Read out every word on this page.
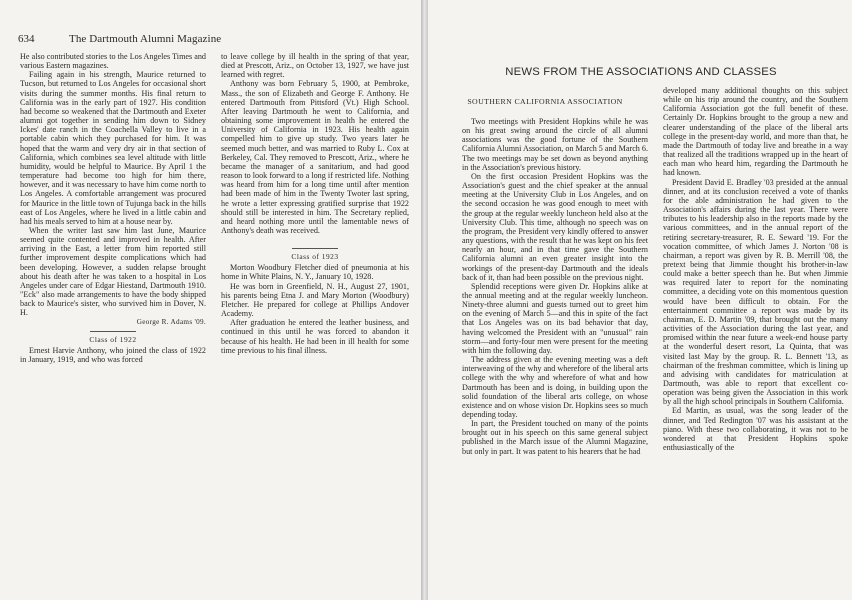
634	The Dartmouth Alumni Magazine

He also contributed stories to the Los Angeles Times and various Eastern magazines.

Failing again in his strength, Maurice returned to Tucson, but returned to Los Angeles for occasional short visits during the summer months. His final return to California was in the early part of 1927. His condition had become so weakened that the Dartmouth and Exeter alumni got together in sending him down to Sidney Ickes' date ranch in the Coachella Valley to live in a portable cabin which they purchased for him. It was hoped that the warm and very dry air in that section of California, which combines sea level altitude with little humidity, would be helpful to Maurice. By April 1 the temperature had become too high for him there, however, and it was necessary to have him come north to Los Angeles. A comfortable arrangement was procured for Maurice in the little town of Tujunga back in the hills east of Los Angeles, where he lived in a little cabin and had his meals served to him at a house near by.

When the writer last saw him last June, Maurice seemed quite contented and improved in health. After arriving in the East, a letter from him reported still further improvement despite complications which had been developing. However, a sudden relapse brought about his death after he was taken to a hospital in Los Angeles under care of Edgar Hiestand, Dartmouth 1910. "Eck" also made arrangements to have the body shipped back to Maurice's sister, who survived him in Dover, N. H.

George R. Adams '09.

Class of 1922

Ernest Harvie Anthony, who joined the class of 1922 in January, 1919, and who was forced

to leave college by ill health in the spring of that year, died at Prescott, Ariz., on October 13, 1927, we have just learned with regret.

Anthony was born February 5, 1900, at Pembroke, Mass., the son of Elizabeth and George F. Anthony. He entered Dartmouth from Pittsford (Vt.) High School. After leaving Dartmouth he went to California, and obtaining some improvement in health he entered the University of California in 1923. His health again compelled him to give up study. Two years later he seemed much better, and was married to Ruby L. Cox at Berkeley, Cal. They removed to Prescott, Ariz., where he became the manager of a sanitarium, and had good reason to look forward to a long if restricted life. Nothing was heard from him for a long time until after mention had been made of him in the Twenty Twoter last spring, he wrote a letter expressing gratified surprise that 1922 should still be interested in him. The Secretary replied, and heard nothing more until the lamentable news of Anthony's death was received.

Class of 1923

Morton Woodbury Fletcher died of pneumonia at his home in White Plains, N. Y., January 10, 1928.

He was born in Greenfield, N. H., August 27, 1901, his parents being Etna J. and Mary Morton (Woodbury) Fletcher. He prepared for college at Phillips Andover Academy.

After graduation he entered the leather business, and continued in this until he was forced to abandon it because of his health. He had been in ill health for some time previous to his final illness.

NEWS FROM THE ASSOCIATIONS AND CLASSES
SOUTHERN CALIFORNIA ASSOCIATION

Two meetings with President Hopkins while he was on his great swing around the circle of all alumni associations was the good fortune of the Southern California Alumni Association, on March 5 and March 6. The two meetings may be set down as beyond anything in the Association's previous history.

On the first occasion President Hopkins was the Association's guest and the chief speaker at the annual meeting at the University Club in Los Angeles, and on the second occasion he was good enough to meet with the group at the regular weekly luncheon held also at the University Club. This time, although no speech was on the program, the President very kindly offered to answer any questions, with the result that he was kept on his feet nearly an hour, and in that time gave the Southern California alumni an even greater insight into the workings of the present-day Dartmouth and the ideals back of it, than had been possible on the previous night.

Splendid receptions were given Dr. Hopkins alike at the annual meeting and at the regular weekly luncheon. Ninety-three alumni and guests turned out to greet him on the evening of March 5—and this in spite of the fact that Los Angeles was on its bad behavior that day, having welcomed the President with an "unusual" rain storm—and forty-four men were present for the meeting with him the following day.

The address given at the evening meeting was a deft interweaving of the why and wherefore of the liberal arts college with the why and wherefore of what and how Dartmouth has been and is doing, in building upon the solid foundation of the liberal arts college, on whose existence and on whose vision Dr. Hopkins sees so much depending today.

In part, the President touched on many of the points brought out in his speech on this same general subject published in the March issue of the Alumni Magazine, but only in part. It was patent to his hearers that he had

developed many additional thoughts on this subject while on his trip around the country, and the Southern California Association got the full benefit of these. Certainly Dr. Hopkins brought to the group a new and clearer understanding of the place of the liberal arts college in the present-day world, and more than that, he made the Dartmouth of today live and breathe in a way that realized all the traditions wrapped up in the heart of each man who heard him, regarding the Dartmouth he had known.

President David E. Bradley '03 presided at the annual dinner, and at its conclusion received a vote of thanks for the able administration he had given to the Association's affairs during the last year. There were tributes to his leadership also in the reports made by the various committees, and in the annual report of the retiring secretary-treasurer, R. E. Seward '19. For the vocation committee, of which James J. Norton '08 is chairman, a report was given by R. B. Merrill '08, the pretext being that Jimmie thought his brother-in-law could make a better speech than he. But when Jimmie was required later to report for the nominating committee, a deciding vote on this momentous question would have been difficult to obtain. For the entertainment committee a report was made by its chairman, E. D. Martin '09, that brought out the many activities of the Association during the last year, and promised within the near future a week-end house party at the wonderful desert resort, La Quinta, that was visited last May by the group. R. L. Bennett '13, as chairman of the freshman committee, which is lining up and advising with candidates for matriculation at Dartmouth, was able to report that excellent co-operation was being given the Association in this work by all the high school principals in Southern California.

Ed Martin, as usual, was the song leader of the dinner, and Ted Redington '07 was his assistant at the piano. With these two collaborating, it was not to be wondered at that President Hopkins spoke enthusiastically of the
